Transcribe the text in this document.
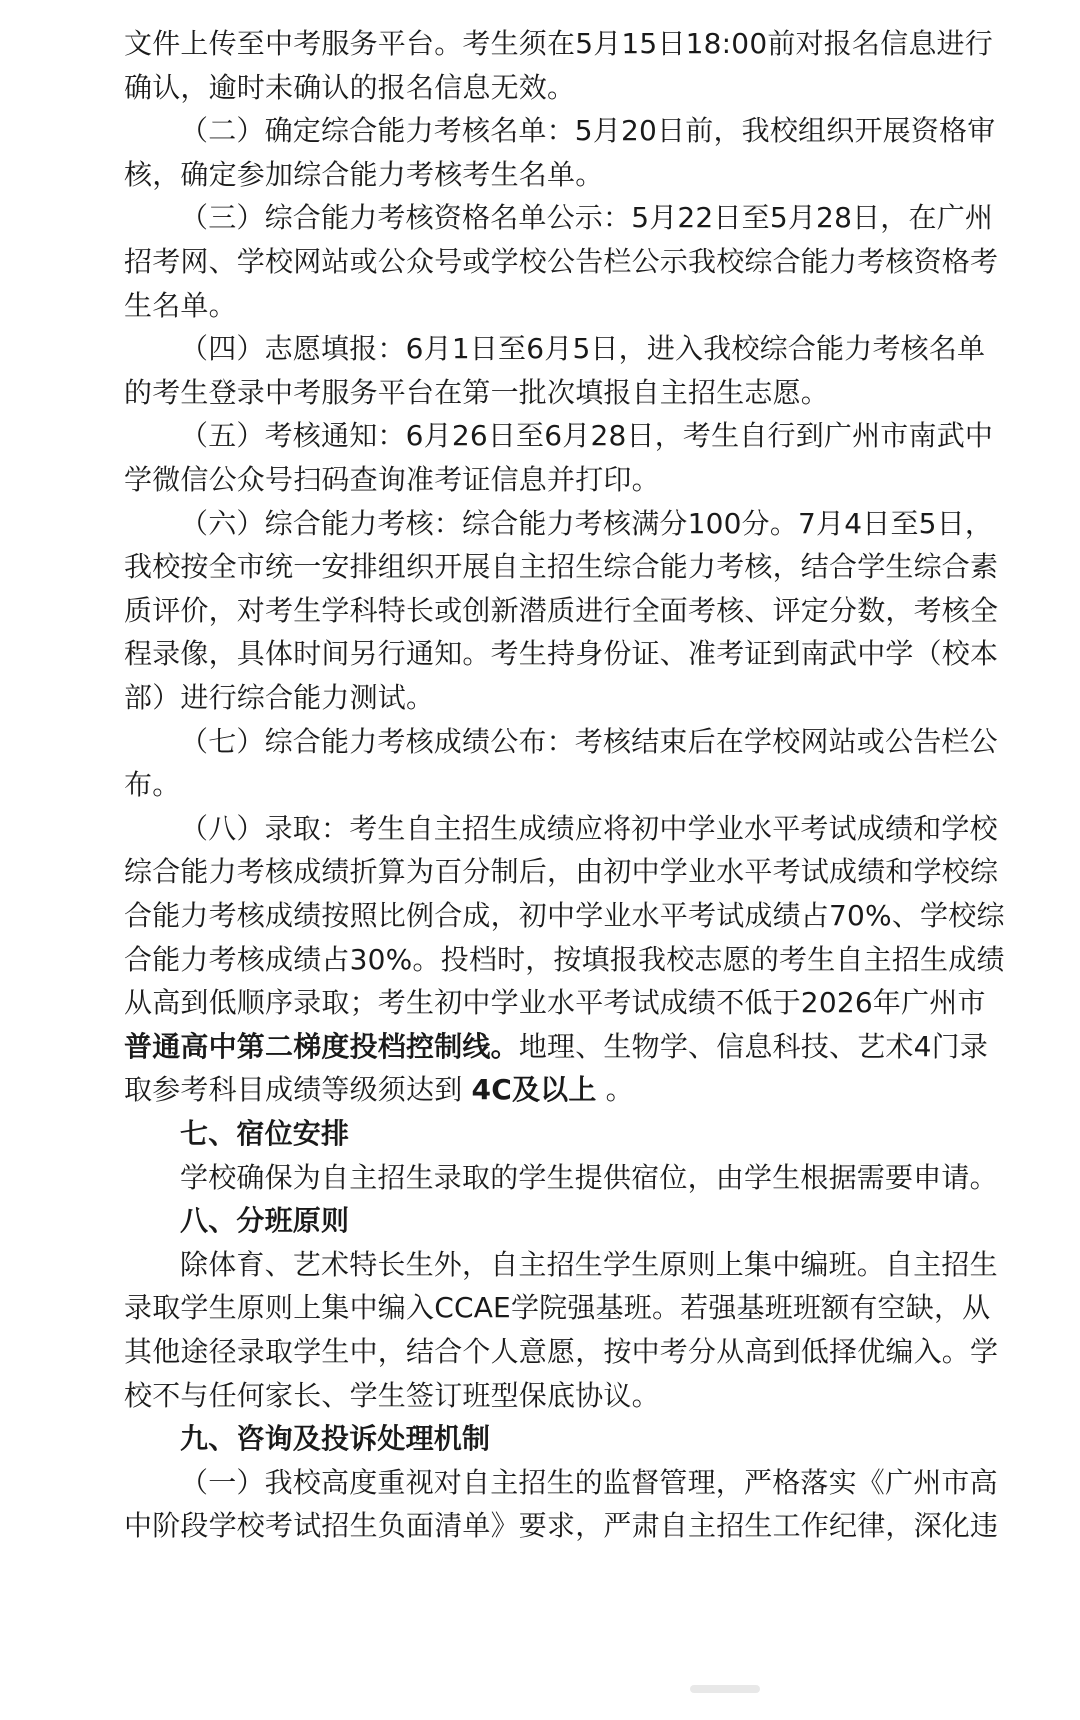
文件上传至中考服务平台。考生须在5月15日18:00前对报名信息进行
确认，逾时未确认的报名信息无效。
（二）确定综合能力考核名单：5月20日前，我校组织开展资格审
核，确定参加综合能力考核考生名单。
（三）综合能力考核资格名单公示：5月22日至5月28日，在广州
招考网、学校网站或公众号或学校公告栏公示我校综合能力考核资格考
生名单。
（四）志愿填报：6月1日至6月5日，进入我校综合能力考核名单
的考生登录中考服务平台在第一批次填报自主招生志愿。
（五）考核通知：6月26日至6月28日，考生自行到广州市南武中
学微信公众号扫码查询准考证信息并打印。
（六）综合能力考核：综合能力考核满分100分。7月4日至5日，
我校按全市统一安排组织开展自主招生综合能力考核，结合学生综合素
质评价，对考生学科特长或创新潜质进行全面考核、评定分数，考核全
程录像，具体时间另行通知。考生持身份证、准考证到南武中学（校本
部）进行综合能力测试。
（七）综合能力考核成绩公布：考核结束后在学校网站或公告栏公
布。
（八）录取：考生自主招生成绩应将初中学业水平考试成绩和学校
综合能力考核成绩折算为百分制后，由初中学业水平考试成绩和学校综
合能力考核成绩按照比例合成，初中学业水平考试成绩占70%、学校综
合能力考核成绩占30%。投档时，按填报我校志愿的考生自主招生成绩
从高到低顺序录取；考生初中学业水平考试成绩不低于2026年广州市
普通高中第二梯度投档控制线。地理、生物学、信息科技、艺术4门录
取参考科目成绩等级须达到 4C及以上 。
七、宿位安排
学校确保为自主招生录取的学生提供宿位，由学生根据需要申请。
八、分班原则
除体育、艺术特长生外，自主招生学生原则上集中编班。自主招生
录取学生原则上集中编入CCAE学院强基班。若强基班班额有空缺，从
其他途径录取学生中，结合个人意愿，按中考分从高到低择优编入。学
校不与任何家长、学生签订班型保底协议。
九、咨询及投诉处理机制
（一）我校高度重视对自主招生的监督管理，严格落实《广州市高
中阶段学校考试招生负面清单》要求，严肃自主招生工作纪律，深化违
